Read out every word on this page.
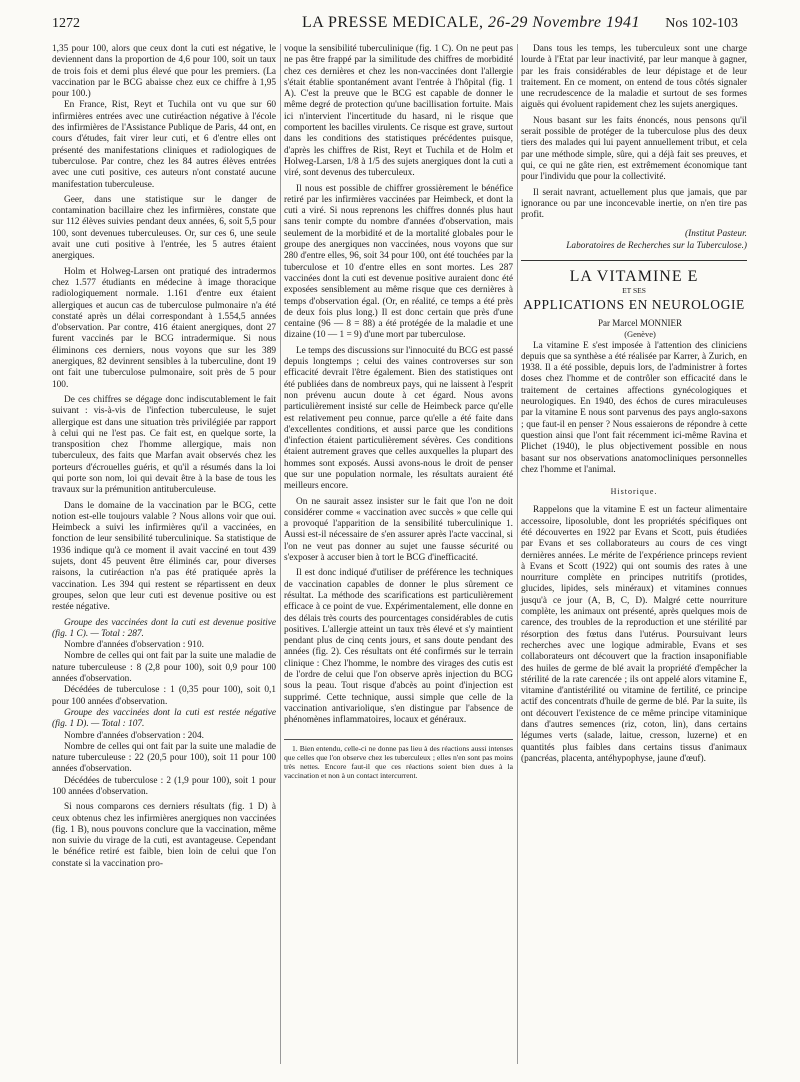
1272	LA PRESSE MEDICALE, 26-29 Novembre 1941 Nos 102-103

1,35 pour 100, alors que ceux dont la cuti est négative, le deviennent dans la proportion de 4,6 pour 100, soit un taux de trois fois et demi plus élevé que pour les premiers. (La vaccination par le BCG abaisse chez eux ce chiffre à 1,95 pour 100.)

En France, Rist, Reyt et Tuchila ont vu que sur 60 infirmières entrées avec une cutiréaction négative à l'école des infirmières de l'Assistance Publique de Paris, 44 ont, en cours d'études, fait virer leur cuti, et 6 d'entre elles ont présenté des manifestations cliniques et radiologiques de tuberculose. Par contre, chez les 84 autres élèves entrées avec une cuti positive, ces auteurs n'ont constaté aucune manifestation tuberculeuse.

Geer, dans une statistique sur le danger de contamination bacillaire chez les infirmières, constate que sur 112 élèves suivies pendant deux années, 6, soit 5,5 pour 100, sont devenues tuberculeuses. Or, sur ces 6, une seule avait une cuti positive à l'entrée, les 5 autres étaient anergiques.

Holm et Holweg-Larsen ont pratiqué des intradermos chez 1.577 étudiants en médecine à image thoracique radiologiquement normale. 1.161 d'entre eux étaient allergiques et aucun cas de tuberculose pulmonaire n'a été constaté après un délai correspondant à 1.554,5 années d'observation. Par contre, 416 étaient anergiques, dont 27 furent vaccinés par le BCG intradermique. Si nous éliminons ces derniers, nous voyons que sur les 389 anergiques, 82 devinrent sensibles à la tuberculine, dont 19 ont fait une tuberculose pulmonaire, soit près de 5 pour 100.

De ces chiffres se dégage donc indiscutablement le fait suivant : vis-à-vis de l'infection tuberculeuse, le sujet allergique est dans une situation très privilégiée par rapport à celui qui ne l'est pas. Ce fait est, en quelque sorte, la transposition chez l'homme allergique, mais non tuberculeux, des faits que Marfan avait observés chez les porteurs d'écrouelles guéris, et qu'il a résumés dans la loi qui porte son nom, loi qui devait être à la base de tous les travaux sur la prémunition antituberculeuse.

Dans le domaine de la vaccination par le BCG, cette notion est-elle toujours valable ? Nous allons voir que oui. Heimbeck a suivi les infirmières qu'il a vaccinées, en fonction de leur sensibilité tuberculinique. Sa statistique de 1936 indique qu'à ce moment il avait vacciné en tout 439 sujets, dont 45 peuvent être éliminés car, pour diverses raisons, la cutiréaction n'a pas été pratiquée après la vaccination. Les 394 qui restent se répartissent en deux groupes, selon que leur cuti est devenue positive ou est restée négative.

Groupe des vaccinées dont la cuti est devenue positive (fig. 1 C). — Total : 287.

Nombre d'années d'observation : 910.

Nombre de celles qui ont fait par la suite une maladie de nature tuberculeuse : 8 (2,8 pour 100), soit 0,9 pour 100 années d'observation.

Décédées de tuberculose : 1 (0,35 pour 100), soit 0,1 pour 100 années d'observation.

Groupe des vaccinées dont la cuti est restée négative (fig. 1 D). — Total : 107.

Nombre d'années d'observation : 204.

Nombre de celles qui ont fait par la suite une maladie de nature tuberculeuse : 22 (20,5 pour 100), soit 11 pour 100 années d'observation.

Décédées de tuberculose : 2 (1,9 pour 100), soit 1 pour 100 années d'observation.

Si nous comparons ces derniers résultats (fig. 1 D) à ceux obtenus chez les infirmières anergiques non vaccinées (fig. 1 B), nous pouvons conclure que la vaccination, même non suivie du virage de la cuti, est avantageuse. Cependant le bénéfice retiré est faible, bien loin de celui que l'on constate si la vaccination pro-

voque la sensibilité tuberculinique (fig. 1 C). On ne peut pas ne pas être frappé par la similitude des chiffres de morbidité chez ces dernières et chez les non-vaccinées dont l'allergie s'était établie spontanément avant l'entrée à l'hôpital (fig. 1 A). C'est la preuve que le BCG est capable de donner le même degré de protection qu'une bacillisation fortuite. Mais ici n'intervient l'incertitude du hasard, ni le risque que comportent les bacilles virulents. Ce risque est grave, surtout dans les conditions des statistiques précédentes puisque, d'après les chiffres de Rist, Reyt et Tuchila et de Holm et Holweg-Larsen, 1/8 à 1/5 des sujets anergiques dont la cuti a viré, sont devenus des tuberculeux.

Il nous est possible de chiffrer grossièrement le bénéfice retiré par les infirmières vaccinées par Heimbeck, et dont la cuti a viré. Si nous reprenons les chiffres donnés plus haut sans tenir compte du nombre d'années d'observation, mais seulement de la morbidité et de la mortalité globales pour le groupe des anergiques non vaccinées, nous voyons que sur 280 d'entre elles, 96, soit 34 pour 100, ont été touchées par la tuberculose et 10 d'entre elles en sont mortes. Les 287 vaccinées dont la cuti est devenue positive auraient donc été exposées sensiblement au même risque que ces dernières à temps d'observation égal. (Or, en réalité, ce temps a été près de deux fois plus long.) Il est donc certain que près d'une centaine (96 — 8 = 88) a été protégée de la maladie et une dizaine (10 — 1 = 9) d'une mort par tuberculose.

Le temps des discussions sur l'innocuité du BCG est passé depuis longtemps ; celui des vaines controverses sur son efficacité devrait l'être également. Bien des statistiques ont été publiées dans de nombreux pays, qui ne laissent à l'esprit non prévenu aucun doute à cet égard. Nous avons particulièrement insisté sur celle de Heimbeck parce qu'elle est relativement peu connue, parce qu'elle a été faite dans d'excellentes conditions, et aussi parce que les conditions d'infection étaient particulièrement sévères. Ces conditions étaient autrement graves que celles auxquelles la plupart des hommes sont exposés. Aussi avons-nous le droit de penser que sur une population normale, les résultats auraient été meilleurs encore.

On ne saurait assez insister sur le fait que l'on ne doit considérer comme « vaccination avec succès » que celle qui a provoqué l'apparition de la sensibilité tuberculinique 1. Aussi est-il nécessaire de s'en assurer après l'acte vaccinal, si l'on ne veut pas donner au sujet une fausse sécurité ou s'exposer à accuser bien à tort le BCG d'inefficacité.

Il est donc indiqué d'utiliser de préférence les techniques de vaccination capables de donner le plus sûrement ce résultat. La méthode des scarifications est particulièrement efficace à ce point de vue. Expérimentalement, elle donne en des délais très courts des pourcentages considérables de cutis positives. L'allergie atteint un taux très élevé et s'y maintient pendant plus de cinq cents jours, et sans doute pendant des années (fig. 2). Ces résultats ont été confirmés sur le terrain clinique : Chez l'homme, le nombre des virages des cutis est de l'ordre de celui que l'on observe après injection du BCG sous la peau. Tout risque d'abcès au point d'injection est supprimé. Cette technique, aussi simple que celle de la vaccination antivariolique, s'en distingue par l'absence de phénomènes inflammatoires, locaux et généraux.

1. Bien entendu, celle-ci ne donne pas lieu à des réactions aussi intenses que celles que l'on observe chez les tuberculeux ; elles n'en sont pas moins très nettes. Encore faut-il que ces réactions soient bien dues à la vaccination et non à un contact intercurrent.

Dans tous les temps, les tuberculeux sont une charge lourde à l'Etat par leur inactivité, par leur manque à gagner, par les frais considérables de leur dépistage et de leur traitement. En ce moment, on entend de tous côtés signaler une recrudescence de la maladie et surtout de ses formes aiguës qui évoluent rapidement chez les sujets anergiques.

Nous basant sur les faits énoncés, nous pensons qu'il serait possible de protéger de la tuberculose plus des deux tiers des malades qui lui payent annuellement tribut, et cela par une méthode simple, sûre, qui a déjà fait ses preuves, et qui, ce qui ne gâte rien, est extrêmement économique tant pour l'individu que pour la collectivité.

Il serait navrant, actuellement plus que jamais, que par ignorance ou par une inconcevable inertie, on n'en tire pas profit.

(Institut Pasteur.

Laboratoires de Recherches sur la Tuberculose.)

LA VITAMINE E
ET SES
APPLICATIONS EN NEUROLOGIE

Par Marcel MONNIER

(Genève)

La vitamine E s'est imposée à l'attention des cliniciens depuis que sa synthèse a été réalisée par Karrer, à Zurich, en 1938. Il a été possible, depuis lors, de l'administrer à fortes doses chez l'homme et de contrôler son efficacité dans le traitement de certaines affections gynécologiques et neurologiques. En 1940, des échos de cures miraculeuses par la vitamine E nous sont parvenus des pays anglo-saxons ; que faut-il en penser ? Nous essaierons de répondre à cette question ainsi que l'ont fait récemment ici-même Ravina et Plichet (1940), le plus objectivement possible en nous basant sur nos observations anatomocliniques personnelles chez l'homme et l'animal.

Historique.

Rappelons que la vitamine E est un facteur alimentaire accessoire, liposoluble, dont les propriétés spécifiques ont été découvertes en 1922 par Evans et Scott, puis étudiées par Evans et ses collaborateurs au cours de ces vingt dernières années. Le mérite de l'expérience princeps revient à Evans et Scott (1922) qui ont soumis des rates à une nourriture complète en principes nutritifs (protides, glucides, lipides, sels minéraux) et vitamines connues jusqu'à ce jour (A, B, C, D). Malgré cette nourriture complète, les animaux ont présenté, après quelques mois de carence, des troubles de la reproduction et une stérilité par résorption des fœtus dans l'utérus. Poursuivant leurs recherches avec une logique admirable, Evans et ses collaborateurs ont découvert que la fraction insaponifiable des huiles de germe de blé avait la propriété d'empêcher la stérilité de la rate carencée ; ils ont appelé alors vitamine E, vitamine d'antistérilité ou vitamine de fertilité, ce principe actif des concentrats d'huile de germe de blé. Par la suite, ils ont découvert l'existence de ce même principe vitaminique dans d'autres semences (riz, coton, lin), dans certains légumes verts (salade, laitue, cresson, luzerne) et en quantités plus faibles dans certains tissus d'animaux (pancréas, placenta, antéhypophyse, jaune d'œuf).
